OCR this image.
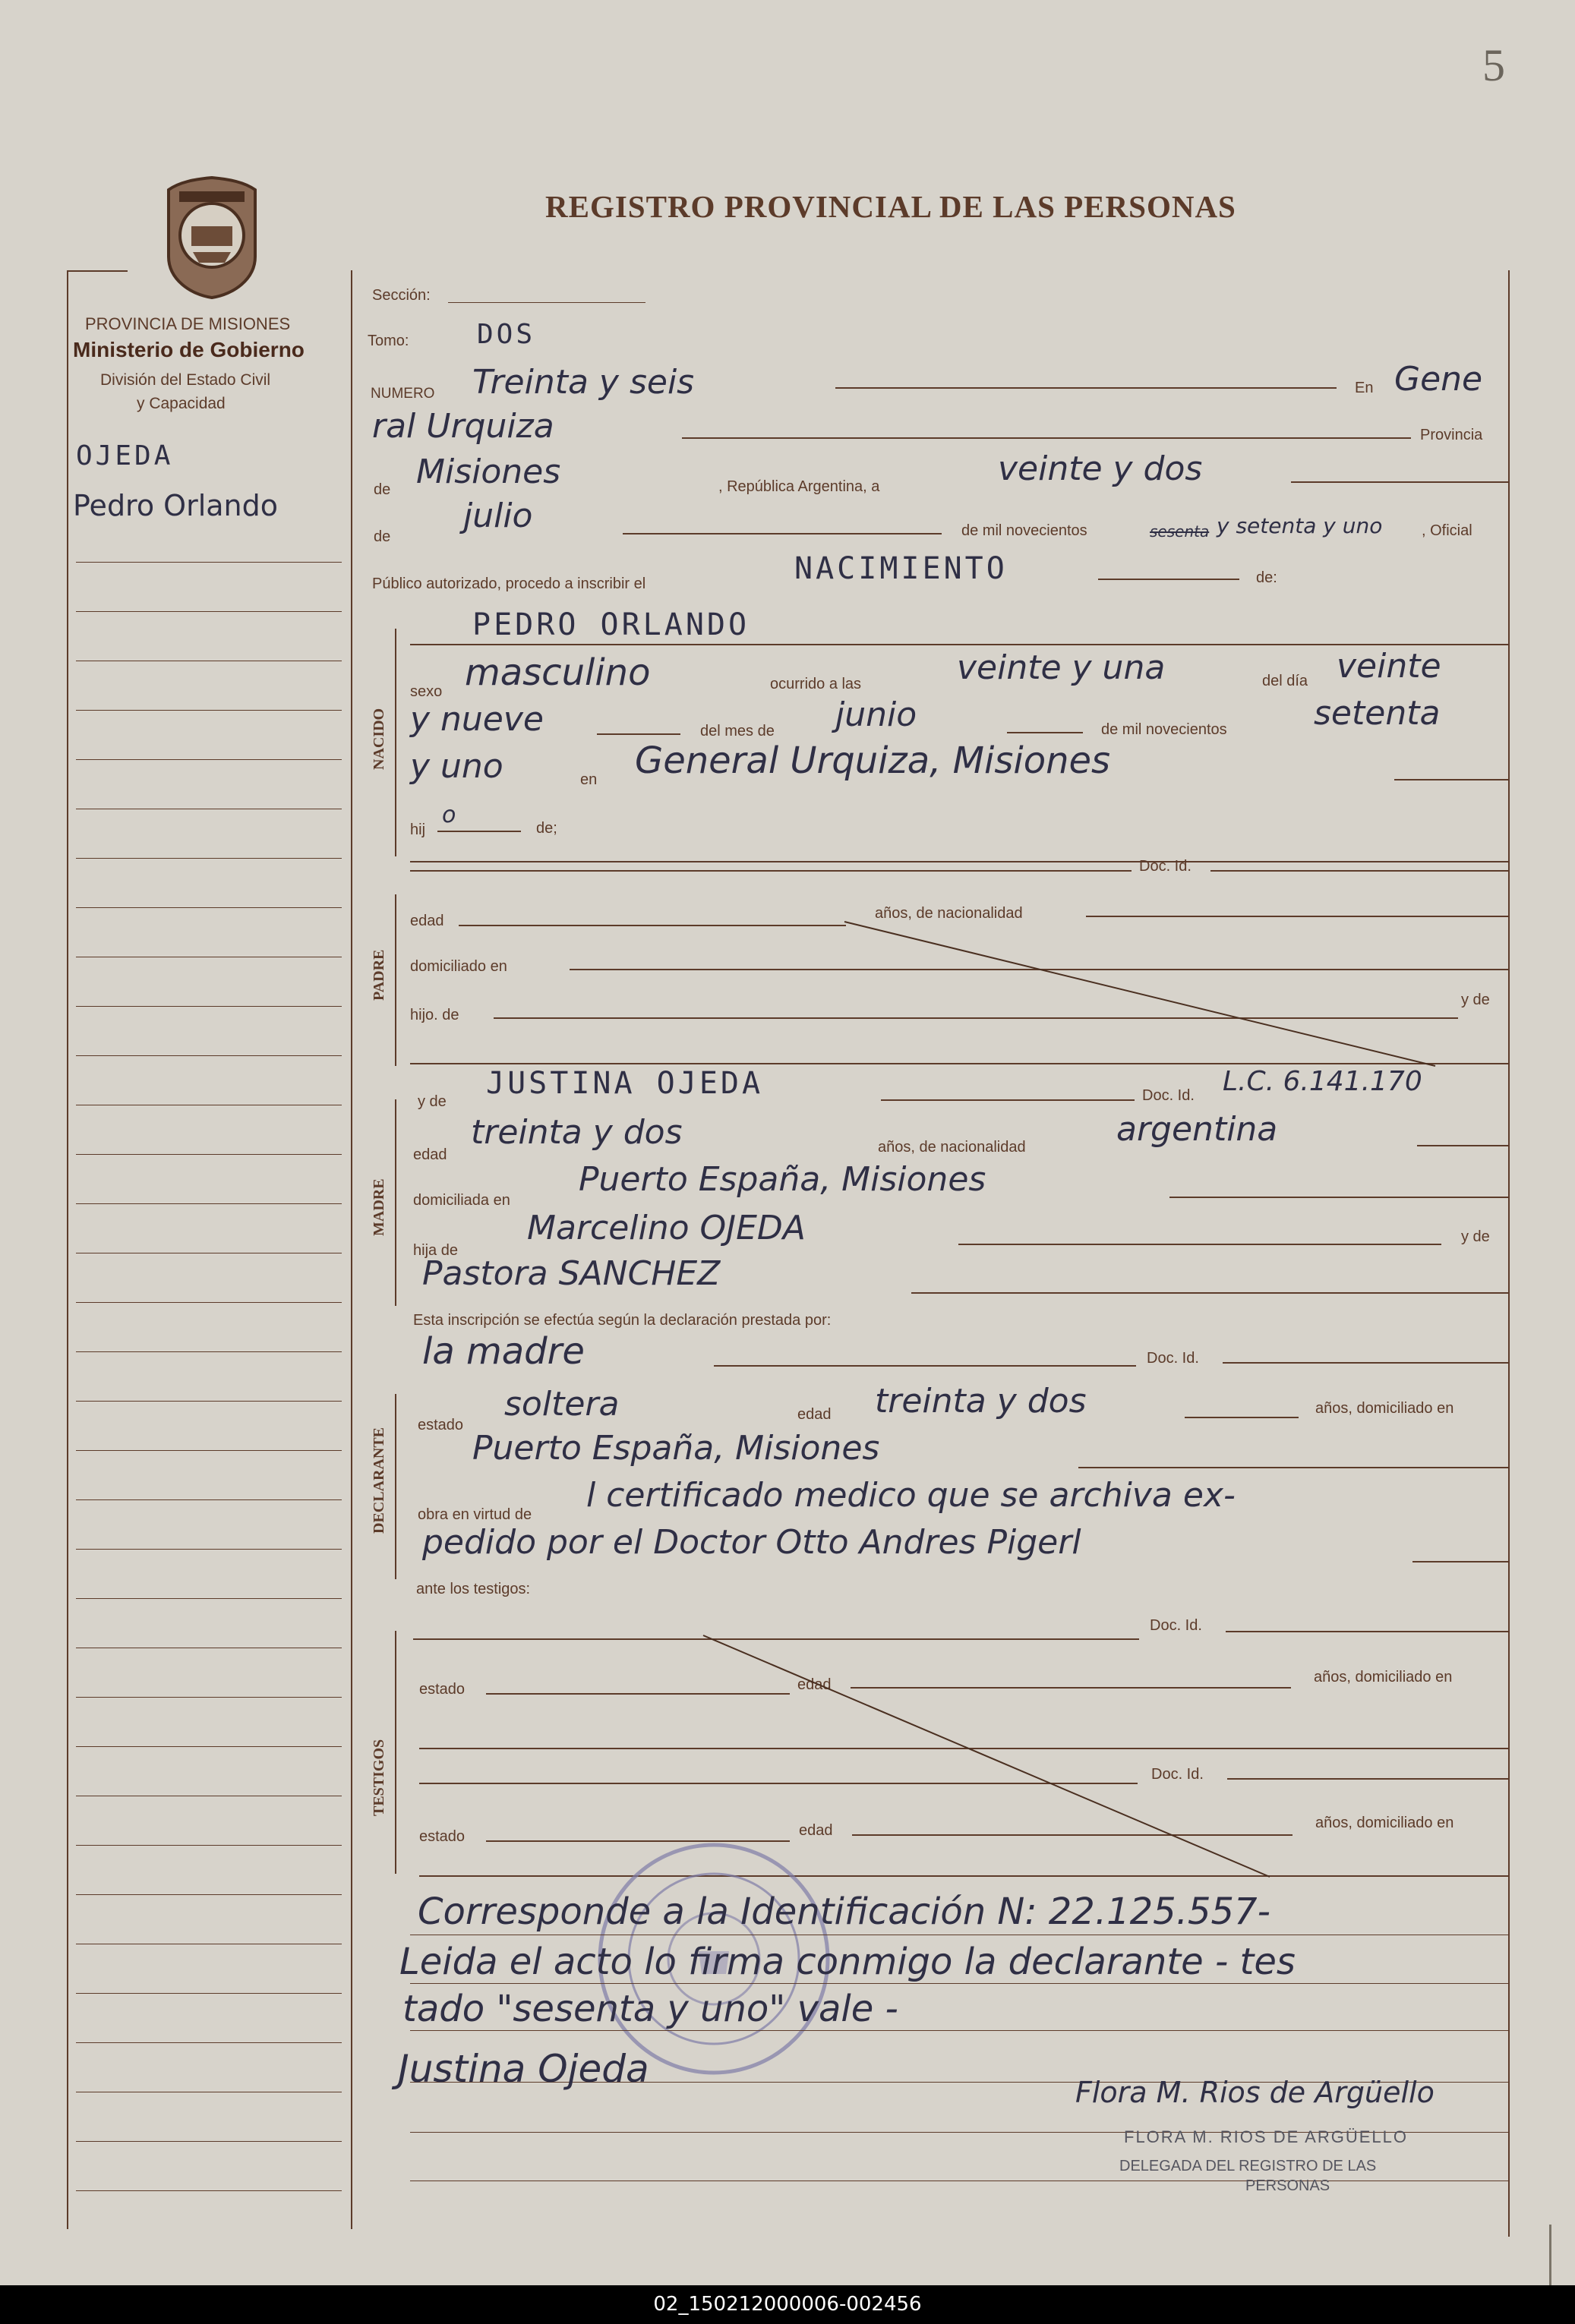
5
REGISTRO PROVINCIAL DE LAS PERSONAS
PROVINCIA DE MISIONES
Ministerio de Gobierno
División del Estado Civil
y Capacidad
OJEDA
Pedro Orlando
Sección:
Tomo: DOS
NUMERO Treinta y seis	En Gene
ral Urquiza	Provincia
de Misiones	, República Argentina, a	veinte y dos
de
julio	de mil novecientos	sesenta y setenta y uno	, Oficial
Público autorizado, procedo a inscribir el	NACIMIENTO	de:
NACIDO
PEDRO ORLANDO
sexo masculino	ocurrido a las	veinte y una	del día veinte
y nueve	del mes de junio	de mil novecientos	setenta
y uno	en General Urquiza, Misiones
hij
o	de;
PADRE
Doc. Id.
edad	años, de nacionalidad
domiciliado en
hijo. de
y de
MADRE
y de
JUSTINA OJEDA	Doc. Id. L.C. 6.141.170
edad
treinta y dos	años, de nacionalidad	argentina
domiciliada en
Puerto España, Misiones
hija de
Marcelino OJEDA	y de
Pastora SANCHEZ
Esta inscripción se efectúa según la declaración prestada por:
la madre	Doc. Id.
DECLARANTE
estado
soltera	edad treinta y dos	años, domiciliado en
Puerto España, Misiones
obra en virtud de l certificado medico que se archiva ex-
pedido por el Doctor Otto Andres Pigerl
ante los testigos:
TESTIGOS
Doc. Id.
estado	edad	años, domiciliado en
Doc. Id.
estado	edad	años, domiciliado en
Corresponde a la Identificación N: 22.125.557-
Leida el acto lo firma conmigo la declarante - tes
tado "sesenta y uno" vale -
Justina Ojeda
Flora M. Rios de Argüello
FLORA M. RIOS DE ARGÜELLO
DELEGADA DEL REGISTRO DE LAS
PERSONAS
02_150212000006-002456
